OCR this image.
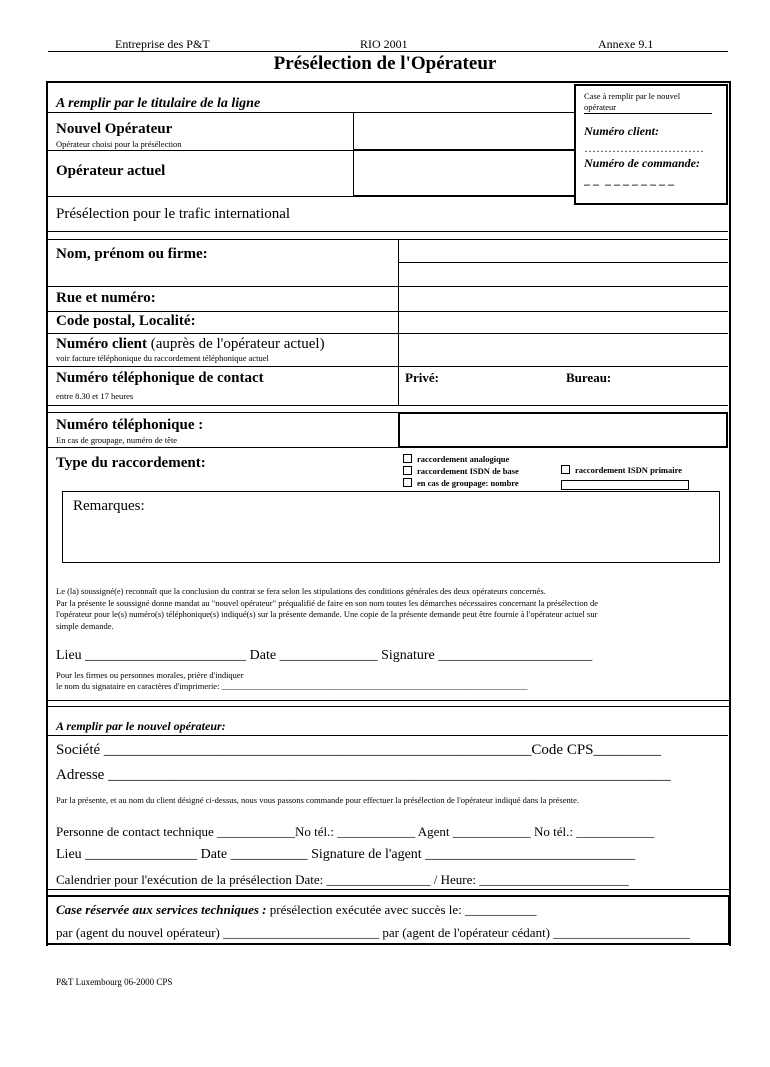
Entreprise des P&T	RIO 2001	Annexe 9.1
Présélection de l'Opérateur
A remplir par le titulaire de la ligne
Nouvel Opérateur
Opérateur choisi pour la présélection
Opérateur actuel
Case à remplir par le nouvel opérateur
Numéro client:
…………………………
Numéro de commande:
_ _  _ _ _ _ _ _ _ _
Présélection pour le trafic international
Nom, prénom ou firme:
Rue et numéro:
Code postal, Localité:
Numéro client (auprès de l'opérateur actuel)
voir facture téléphonique du raccordement téléphonique actuel
Numéro téléphonique de contact
entre 8.30 et 17 heures
Privé:	Bureau:
Numéro téléphonique :
En cas de groupage, numéro de tête
Type du raccordement:	raccordement analogique
raccordement ISDN de base
en cas de groupage: nombre
raccordement ISDN primaire
Remarques:
Le (la) soussigné(e) reconnaît que la conclusion du contrat se fera selon les stipulations des conditions générales des deux opérateurs concernés.
Par la présente le soussigné donne mandat au "nouvel opérateur" préqualifié de faire en son nom toutes les démarches nécessaires concernant la présélection de
l'opérateur pour le(s) numéro(s) téléphonique(s) indiqué(s) sur la présente demande. Une copie de la présente demande peut être fournie à l'opérateur actuel sur
simple demande.
Lieu _______________________ Date ______________ Signature ______________________
Pour les firmes ou personnes morales, prière d'indiquer
le nom du signataire en caractères d'imprimerie: ________________________________________________________________________
A remplir par le nouvel opérateur:
Société _________________________________________________________Code CPS_________
Adresse ___________________________________________________________________________
Par la présente, et au nom du client désigné ci-dessus, nous vous passons commande pour effectuer la présélection de l'opérateur indiqué dans la présente.
Personne de contact technique ____________No tél.: ____________ Agent ____________ No tél.: ____________
Lieu ________________ Date ___________ Signature de l'agent ______________________________
Calendrier pour l'exécution de la présélection Date: ________________ / Heure: _______________________
Case réservée aux services techniques : présélection exécutée avec succès le: ___________
par (agent du nouvel opérateur) ________________________ par (agent de l'opérateur cédant) _____________________
P&T Luxembourg 06-2000 CPS
